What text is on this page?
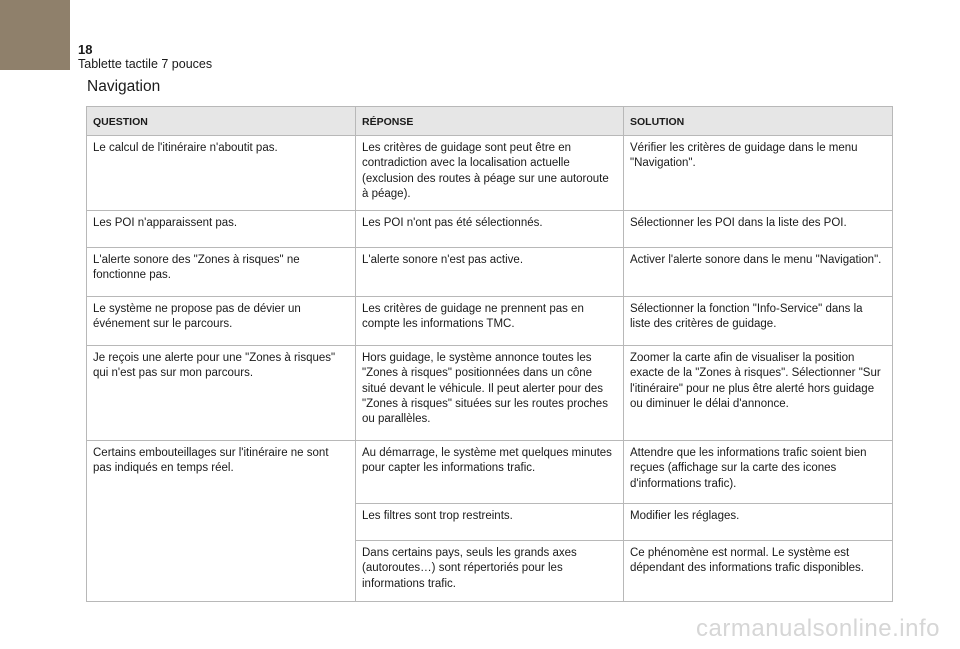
18
Tablette tactile 7 pouces
Navigation
QUESTION	RÉPONSE	SOLUTION
Le calcul de l'itinéraire n'aboutit pas.	Les critères de guidage sont peut être en contradiction avec la localisation actuelle (exclusion des routes à péage sur une autoroute à péage).	Vérifier les critères de guidage dans le menu "Navigation".
Les POI n'apparaissent pas.	Les POI n'ont pas été sélectionnés.	Sélectionner les POI dans la liste des POI.
L'alerte sonore des "Zones à risques" ne fonctionne pas.	L'alerte sonore n'est pas active.	Activer l'alerte sonore dans le menu "Navigation".
Le système ne propose pas de dévier un événement sur le parcours.	Les critères de guidage ne prennent pas en compte les informations TMC.	Sélectionner la fonction "Info-Service" dans la liste des critères de guidage.
Je reçois une alerte pour une "Zones à risques" qui n'est pas sur mon parcours.	Hors guidage, le système annonce toutes les "Zones à risques" positionnées dans un cône situé devant le véhicule. Il peut alerter pour des "Zones à risques" situées sur les routes proches ou parallèles.	Zoomer la carte afin de visualiser la position exacte de la "Zones à risques". Sélectionner "Sur l'itinéraire" pour ne plus être alerté hors guidage ou diminuer le délai d'annonce.
Certains embouteillages sur l'itinéraire ne sont pas indiqués en temps réel.	Au démarrage, le système met quelques minutes pour capter les informations trafic.	Attendre que les informations trafic soient bien reçues (affichage sur la carte des icones d'informations trafic).
	Les filtres sont trop restreints.	Modifier les réglages.
	Dans certains pays, seuls les grands axes (autoroutes…) sont répertoriés pour les informations trafic.	Ce phénomène est normal. Le système est dépendant des informations trafic disponibles.
carmanualsonline.info
